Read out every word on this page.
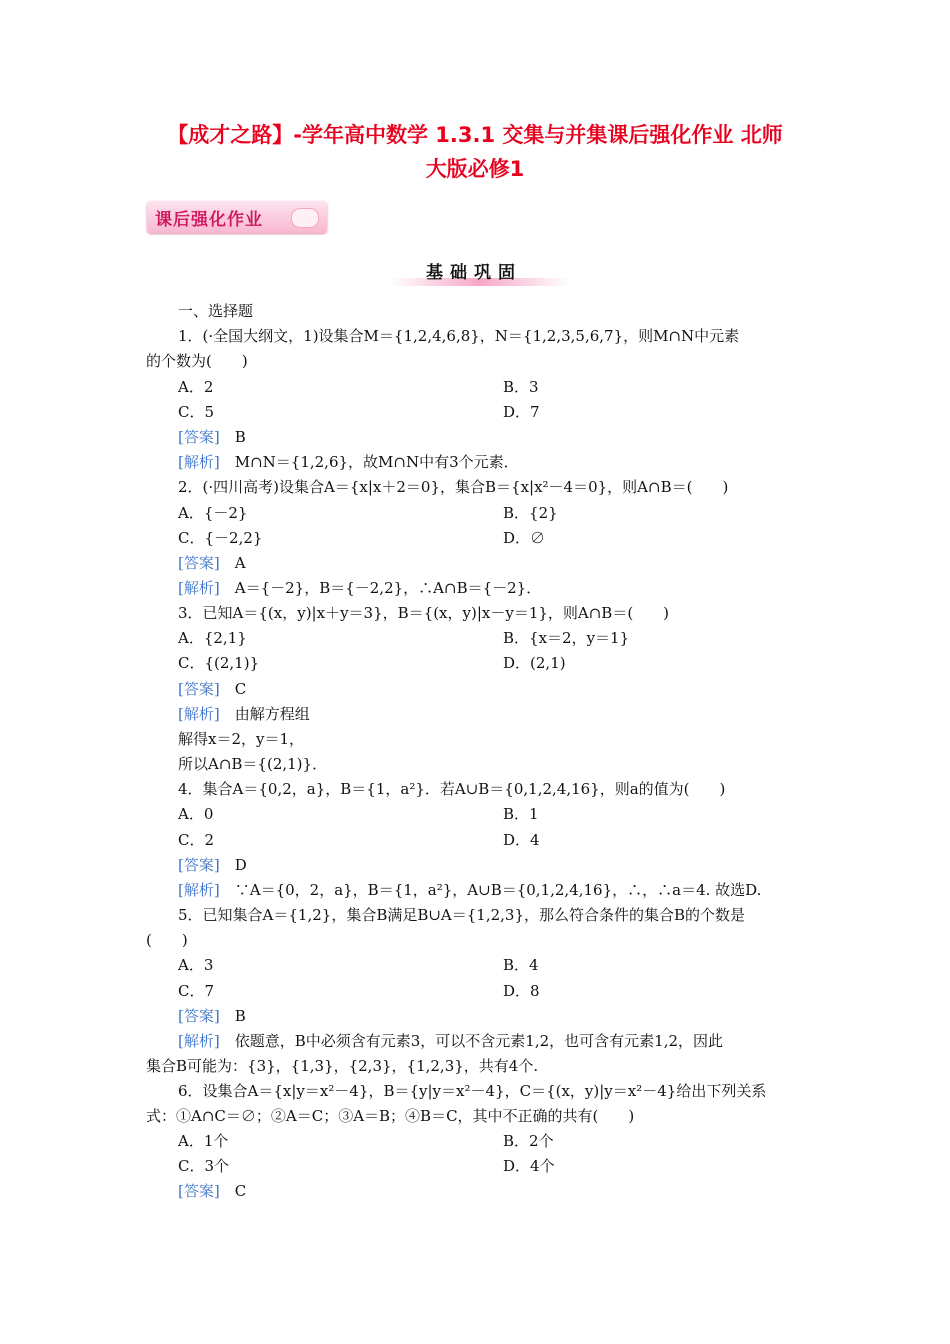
【成才之路】-学年高中数学 1.3.1 交集与并集课后强化作业 北师
大版必修1
课后强化作业
基础巩固
一、选择题
1．(·全国大纲文，1)设集合M＝{1,2,4,6,8}，N＝{1,2,3,5,6,7}，则M∩N中元素
的个数为(　　)
A．2	B．3
C．5	D．7
[答案]　 B
[解析]　 M∩N＝{1,2,6}，故M∩N中有3个元素．
2．(·四川高考)设集合A＝{x|x＋2＝0}，集合B＝{x|x²－4＝0}，则A∩B＝(　　)
A．{－2}	B．{2}
C．{－2,2}	D．∅
[答案]　 A
[解析]　 A＝{－2}，B＝{－2,2}，∴A∩B＝{－2}．
3．已知A＝{(x，y)|x＋y＝3}，B＝{(x，y)|x－y＝1}，则A∩B＝(　　)
A．{2,1}	B．{x＝2，y＝1}
C．{(2,1)}	D．(2,1)
[答案]　 C
[解析]　 由解方程组
解得x＝2，y＝1，
所以A∩B＝{(2,1)}．
4．集合A＝{0,2，a}，B＝{1，a²}．若A∪B＝{0,1,2,4,16}，则a的值为(　　)
A．0	B．1
C．2	D．4
[答案]　 D
[解析]　 ∵A＝{0，2，a}，B＝{1，a²}，A∪B＝{0,1,2,4,16}，∴，∴a＝4. 故选D.
5．已知集合A＝{1,2}，集合B满足B∪A＝{1,2,3}，那么符合条件的集合B的个数是
(　　)
A．3	B．4
C．7	D．8
[答案]　 B
[解析]　 依题意，B中必须含有元素3，可以不含元素1,2，也可含有元素1,2，因此
集合B可能为：{3}，{1,3}，{2,3}，{1,2,3}，共有4个.
6．设集合A＝{x|y＝x²－4}，B＝{y|y＝x²－4}，C＝{(x，y)|y＝x²－4}给出下列关系
式：①A∩C＝∅；②A＝C；③A＝B；④B＝C，其中不正确的共有(　　)
A．1个	B．2个
C．3个	D．4个
[答案]　 C
